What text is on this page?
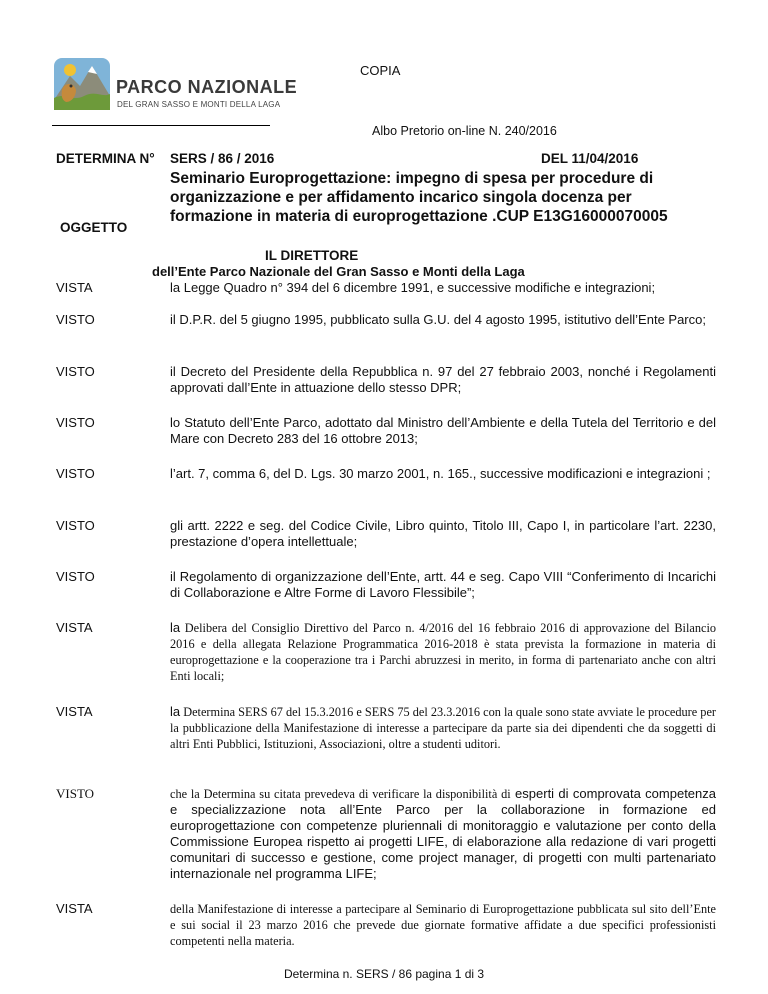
COPIA
PARCO NAZIONALE
DEL GRAN SASSO E MONTI DELLA LAGA
Albo Pretorio on-line N. 240/2016
DETERMINA N° SERS / 86 / 2016	DEL 11/04/2016
Seminario Europrogettazione: impegno di spesa per procedure di organizzazione e per affidamento incarico singola docenza per formazione in materia di europrogettazione .CUP E13G16000070005
OGGETTO
IL DIRETTORE
dell’Ente Parco Nazionale del Gran Sasso e Monti della Laga
VISTA	la Legge Quadro n° 394 del 6 dicembre 1991, e successive modifiche e integrazioni;
VISTO	il D.P.R. del 5 giugno 1995, pubblicato sulla G.U. del 4 agosto 1995, istitutivo dell’Ente Parco;
VISTO	il Decreto del Presidente della Repubblica n. 97 del 27 febbraio 2003, nonché i Regolamenti approvati dall’Ente in attuazione dello stesso DPR;
VISTO	lo Statuto dell’Ente Parco, adottato dal Ministro dell’Ambiente e della Tutela del Territorio e del Mare con Decreto 283 del 16 ottobre 2013;
VISTO	l’art. 7, comma 6, del D. Lgs. 30 marzo 2001, n. 165., successive modificazioni e integrazioni ;
VISTO	gli artt. 2222 e seg. del Codice Civile, Libro quinto, Titolo III, Capo I, in particolare l’art. 2230, prestazione d’opera intellettuale;
VISTO	il Regolamento di organizzazione dell’Ente, artt. 44 e seg. Capo VIII “Conferimento di Incarichi di Collaborazione e Altre Forme di Lavoro Flessibile”;
VISTA	la Delibera del Consiglio Direttivo del Parco n. 4/2016 del 16 febbraio 2016 di approvazione del Bilancio 2016 e della allegata Relazione Programmatica 2016-2018 è stata prevista la formazione in materia di europrogettazione e la cooperazione tra i Parchi abruzzesi in merito, in forma di partenariato anche con altri Enti locali;
VISTA	la Determina SERS 67 del 15.3.2016 e SERS 75 del 23.3.2016 con la quale sono state avviate le procedure per la pubblicazione della Manifestazione di interesse a partecipare da parte sia dei dipendenti che da soggetti di altri Enti Pubblici, Istituzioni, Associazioni, oltre a studenti uditori.
VISTO	che la Determina su citata prevedeva di verificare la disponibilità di esperti di comprovata competenza e specializzazione nota all’Ente Parco per la collaborazione in formazione ed europrogettazione con competenze pluriennali di monitoraggio e valutazione per conto della Commissione Europea rispetto ai progetti LIFE, di elaborazione alla redazione di vari progetti comunitari di successo e gestione, come project manager, di progetti con multi partenariato internazionale nel programma LIFE;
VISTA	della Manifestazione di interesse a partecipare al Seminario di Europrogettazione pubblicata sul sito dell’Ente e sui social il 23 marzo 2016 che prevede due giornate formative affidate a due specifici professionisti competenti nella materia.
Determina n. SERS / 86 pagina 1 di 3
